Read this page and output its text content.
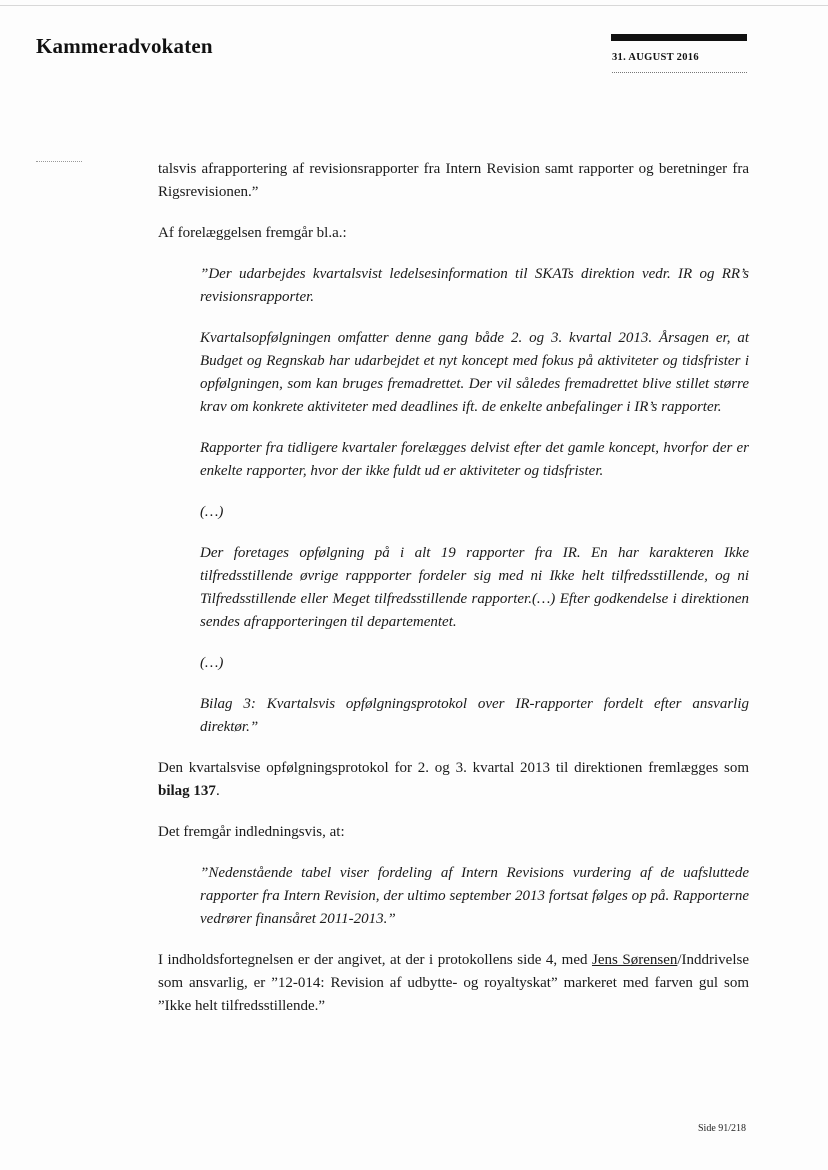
Kammeradvokaten	31. AUGUST 2016

talsvis afrapportering af revisionsrapporter fra Intern Revision samt rapporter og beretninger fra Rigsrevisionen.”

Af forelæggelsen fremgår bl.a.:

”Der udarbejdes kvartalsvist ledelsesinformation til SKATs direktion vedr. IR og RR’s revisionsrapporter.

Kvartalsopfølgningen omfatter denne gang både 2. og 3. kvartal 2013. Årsagen er, at Budget og Regnskab har udarbejdet et nyt koncept med fokus på aktiviteter og tidsfrister i opfølgningen, som kan bruges fremadrettet. Der vil således fremadrettet blive stillet større krav om konkrete aktiviteter med deadlines ift. de enkelte anbefalinger i IR’s rapporter.

Rapporter fra tidligere kvartaler forelægges delvist efter det gamle koncept, hvorfor der er enkelte rapporter, hvor der ikke fuldt ud er aktiviteter og tidsfrister.

(…)

Der foretages opfølgning på i alt 19 rapporter fra IR. En har karakteren Ikke tilfredsstillende øvrige rappporter fordeler sig med ni Ikke helt tilfredsstillende, og ni Tilfredsstillende eller Meget tilfredsstillende rapporter.(…) Efter godkendelse i direktionen sendes afrapporteringen til departementet.

(…)

Bilag 3: Kvartalsvis opfølgningsprotokol over IR-rapporter fordelt efter ansvarlig direktør.”

Den kvartalsvise opfølgningsprotokol for 2. og 3. kvartal 2013 til direktionen fremlægges som bilag 137.

Det fremgår indledningsvis, at:

”Nedenstående tabel viser fordeling af Intern Revisions vurdering af de uafsluttede rapporter fra Intern Revision, der ultimo september 2013 fortsat følges op på. Rapporterne vedrører finansåret 2011-2013.”

I indholdsfortegnelsen er der angivet, at der i protokollens side 4, med Jens Sørensen/Inddrivelse som ansvarlig, er ”12-014: Revision af udbytte- og royaltyskat” markeret med farven gul som ”Ikke helt tilfredsstillende.”

Side 91/218
